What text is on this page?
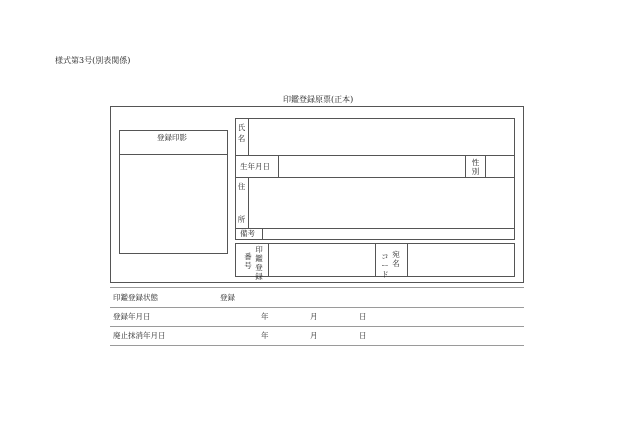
様式第3号(別表関係)
印鑑登録原票(正本)
登録印影
氏
名
生年月日	性
別
住
所
備考
番号
印鑑登録
コード
宛名
印鑑登録状態	登録
登録年月日	年	月	日
廃止抹消年月日	年	月	日
